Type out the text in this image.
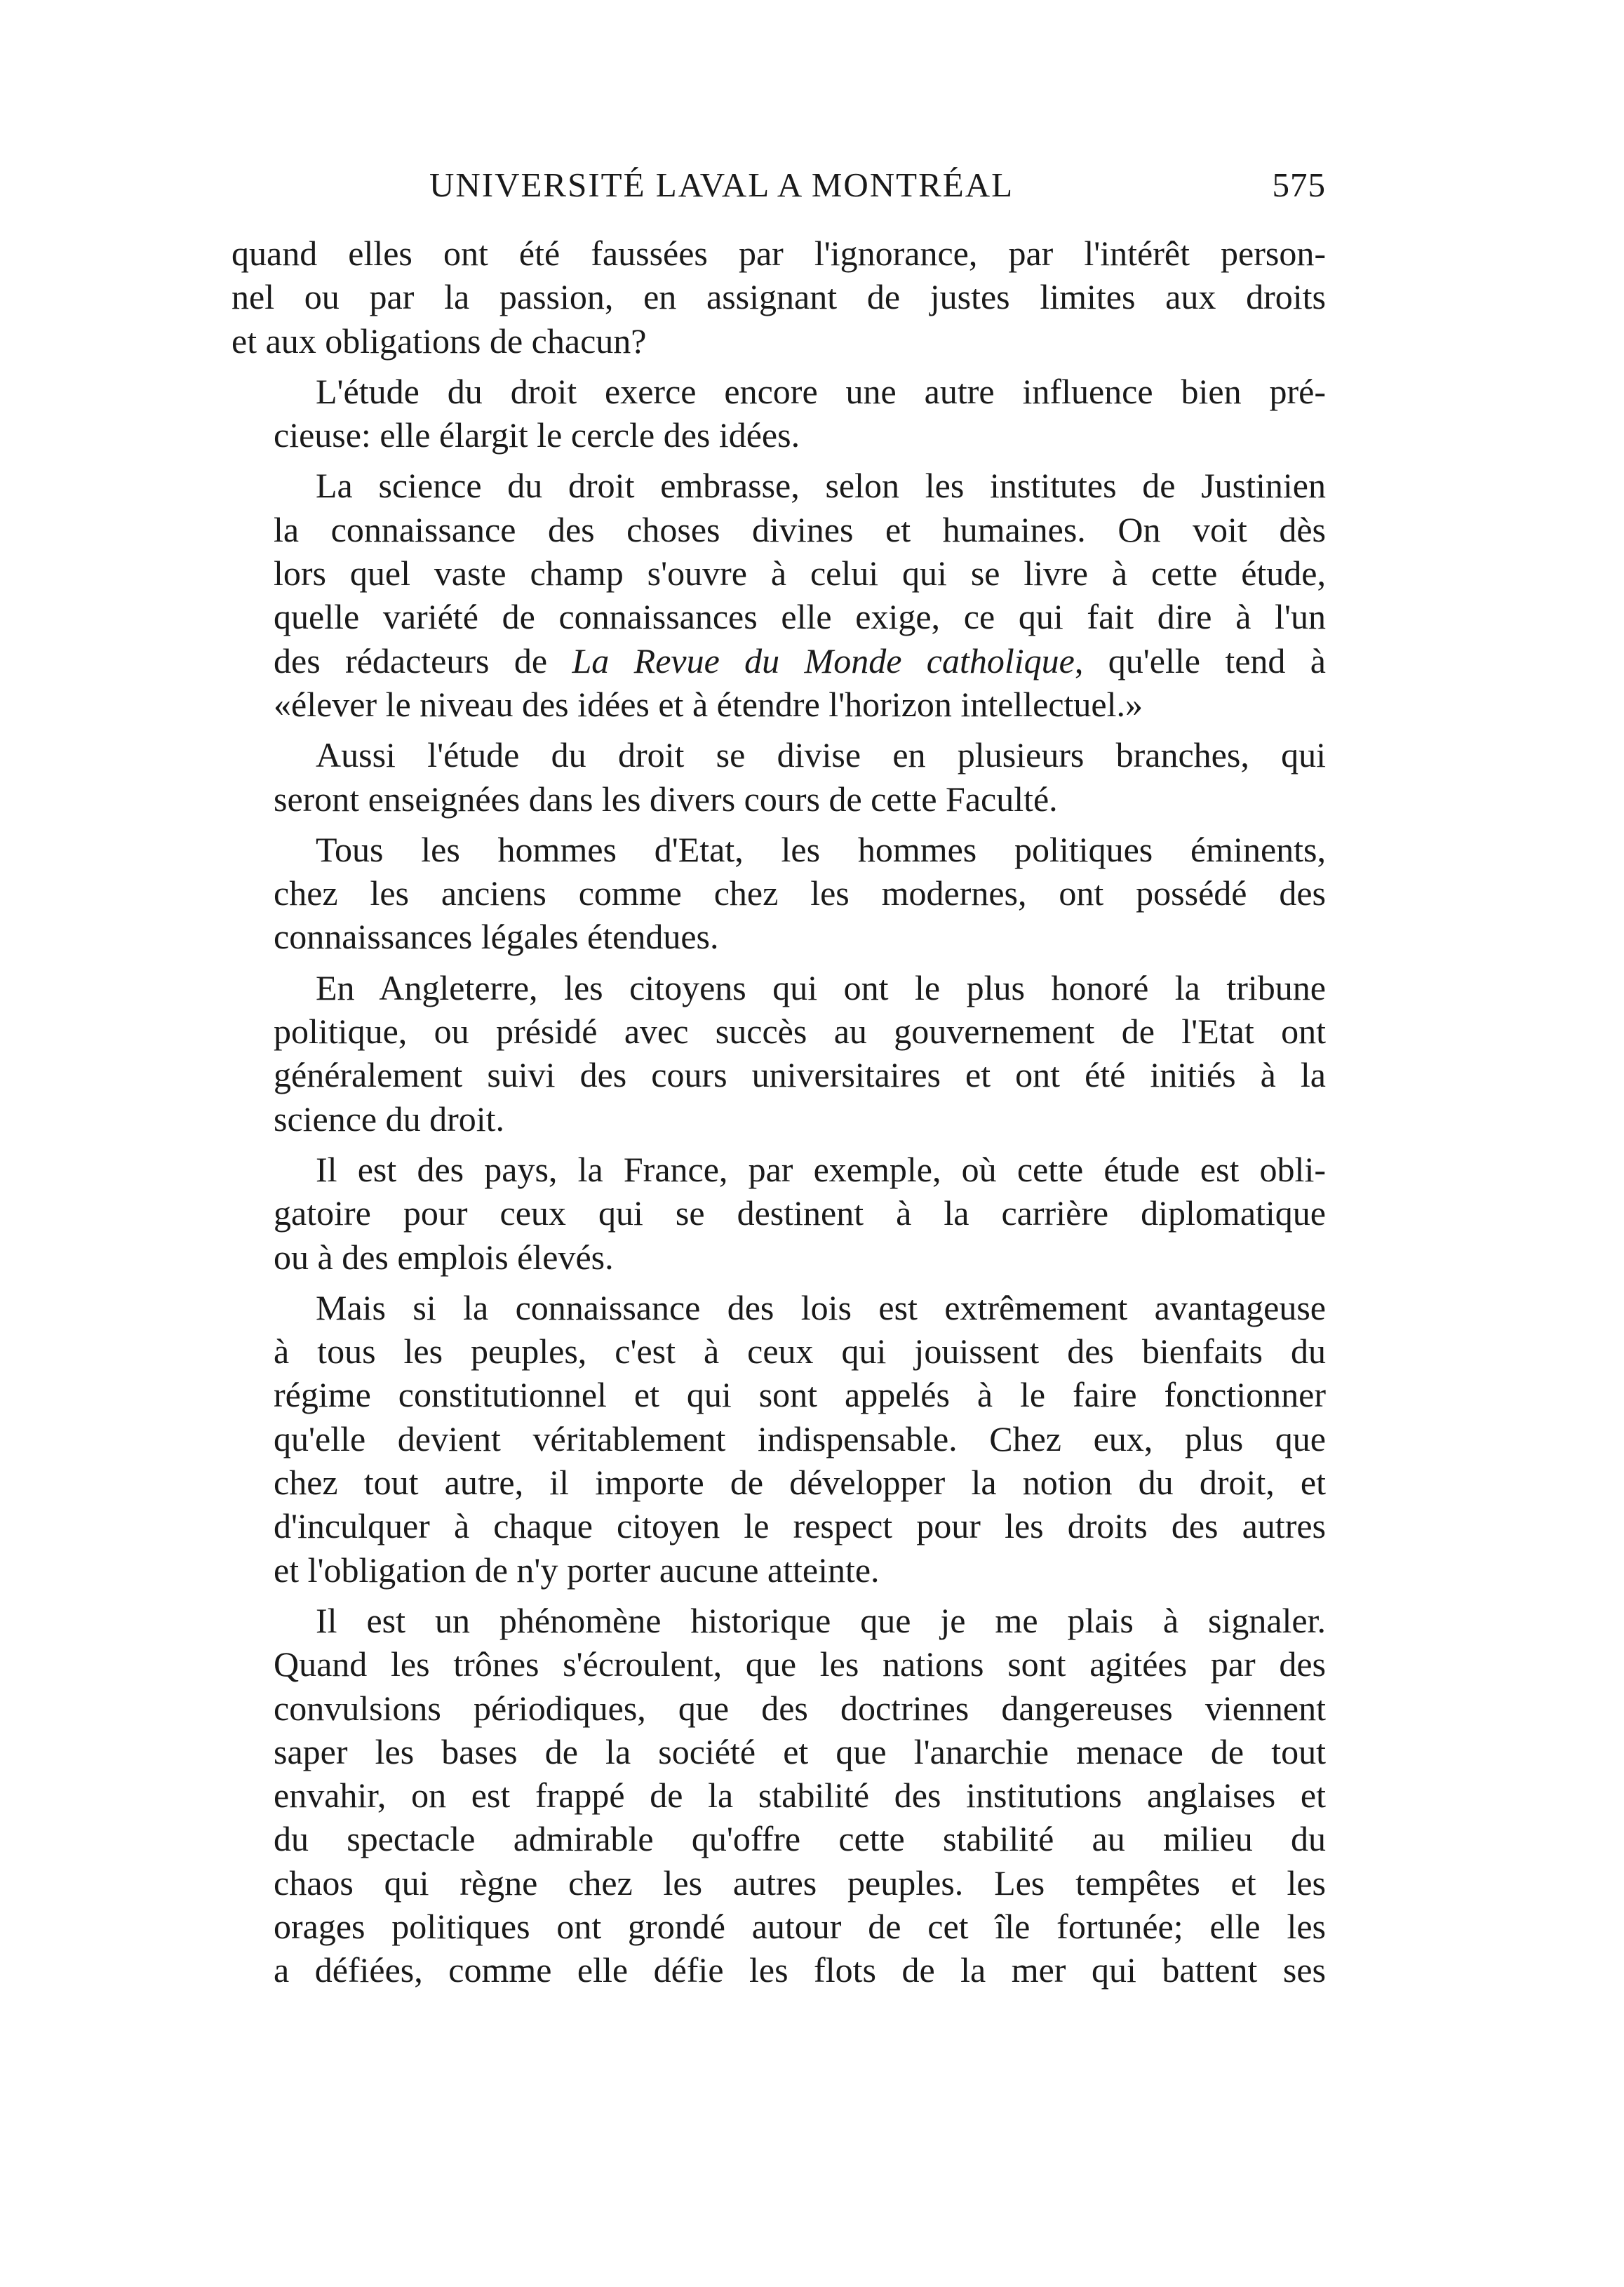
UNIVERSITÉ LAVAL A MONTRÉAL	575

quand elles ont été faussées par l'ignorance, par l'intérêt person-
nel ou par la passion, en assignant de justes limites aux droits
et aux obligations de chacun?

L'étude du droit exerce encore une autre influence bien pré-
cieuse: elle élargit le cercle des idées.

La science du droit embrasse, selon les institutes de Justinien
la connaissance des choses divines et humaines. On voit dès
lors quel vaste champ s'ouvre à celui qui se livre à cette étude,
quelle variété de connaissances elle exige, ce qui fait dire à l'un
des rédacteurs de La Revue du Monde catholique, qu'elle tend à
«élever le niveau des idées et à étendre l'horizon intellectuel.»

Aussi l'étude du droit se divise en plusieurs branches, qui
seront enseignées dans les divers cours de cette Faculté.

Tous les hommes d'Etat, les hommes politiques éminents,
chez les anciens comme chez les modernes, ont possédé des
connaissances légales étendues.

En Angleterre, les citoyens qui ont le plus honoré la tribune
politique, ou présidé avec succès au gouvernement de l'Etat ont
généralement suivi des cours universitaires et ont été initiés à la
science du droit.

Il est des pays, la France, par exemple, où cette étude est obli-
gatoire pour ceux qui se destinent à la carrière diplomatique
ou à des emplois élevés.

Mais si la connaissance des lois est extrêmement avantageuse
à tous les peuples, c'est à ceux qui jouissent des bienfaits du
régime constitutionnel et qui sont appelés à le faire fonctionner
qu'elle devient véritablement indispensable. Chez eux, plus que
chez tout autre, il importe de développer la notion du droit, et
d'inculquer à chaque citoyen le respect pour les droits des autres
et l'obligation de n'y porter aucune atteinte.

Il est un phénomène historique que je me plais à signaler.
Quand les trônes s'écroulent, que les nations sont agitées par des
convulsions périodiques, que des doctrines dangereuses viennent
saper les bases de la société et que l'anarchie menace de tout
envahir, on est frappé de la stabilité des institutions anglaises et
du spectacle admirable qu'offre cette stabilité au milieu du
chaos qui règne chez les autres peuples. Les tempêtes et les
orages politiques ont grondé autour de cet île fortunée; elle les
a défiées, comme elle défie les flots de la mer qui battent ses
